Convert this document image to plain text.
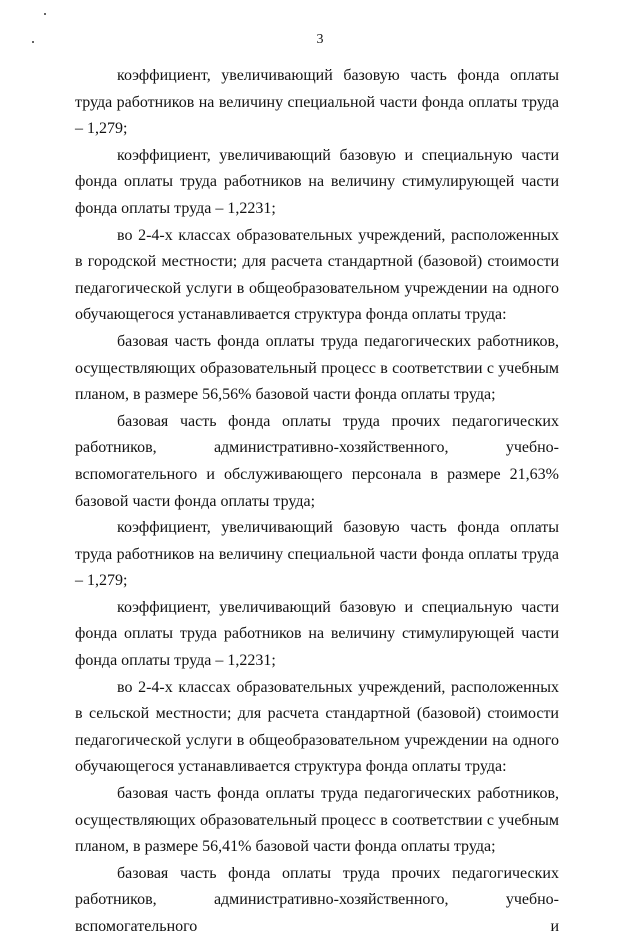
3

коэффициент, увеличивающий базовую часть фонда оплаты труда работников на величину специальной части фонда оплаты труда – 1,279;

коэффициент, увеличивающий базовую и специальную части фонда оплаты труда работников на величину стимулирующей части фонда оплаты труда – 1,2231;

во 2-4-х классах образовательных учреждений, расположенных в городской местности; для расчета стандартной (базовой) стоимости педагогической услуги в общеобразовательном учреждении на одного обучающегося устанавливается структура фонда оплаты труда:

базовая часть фонда оплаты труда педагогических работников, осуществляющих образовательный процесс в соответствии с учебным планом, в размере 56,56% базовой части фонда оплаты труда;

базовая часть фонда оплаты труда прочих педагогических работников, административно-хозяйственного, учебно-вспомогательного и обслуживающего персонала в размере 21,63% базовой части фонда оплаты труда;

коэффициент, увеличивающий базовую часть фонда оплаты труда работников на величину специальной части фонда оплаты труда – 1,279;

коэффициент, увеличивающий базовую и специальную части фонда оплаты труда работников на величину стимулирующей части фонда оплаты труда – 1,2231;

во 2-4-х классах образовательных учреждений, расположенных в сельской местности; для расчета стандартной (базовой) стоимости педагогической услуги в общеобразовательном учреждении на одного обучающегося устанавливается структура фонда оплаты труда:

базовая часть фонда оплаты труда педагогических работников, осуществляющих образовательный процесс в соответствии с учебным планом, в размере 56,41% базовой части фонда оплаты труда;

базовая часть фонда оплаты труда прочих педагогических работников, административно-хозяйственного, учебно-вспомогательного и
